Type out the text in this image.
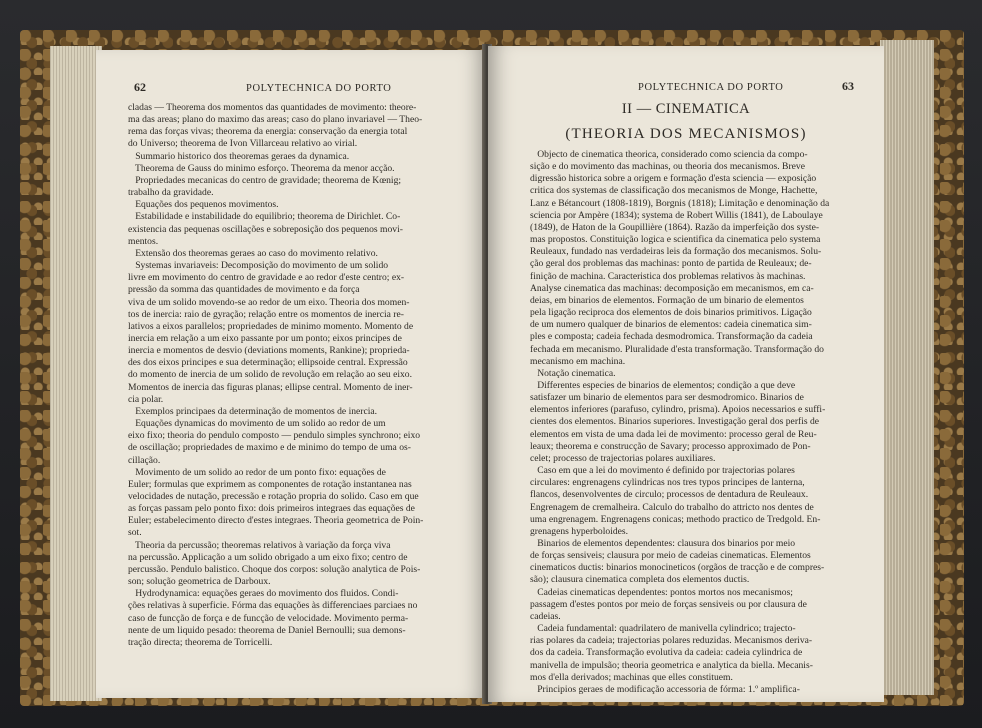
62	POLYTECHNICA DO PORTO

cladas — Theorema dos momentos das quantidades de movimento: theore-

ma das areas; plano do maximo das areas; caso do plano invariavel — Theo-

rema das forças vivas; theorema da energia: conservação da energia total

do Universo; theorema de Ivon Villarceau relativo ao virial.

Summario historico dos theoremas geraes da dynamica.

Theorema de Gauss do minimo esforço. Theorema da menor acção.

Propriedades mecanicas do centro de gravidade; theorema de Kœnig;

trabalho da gravidade.

Equações dos pequenos movimentos.

Estabilidade e instabilidade do equilibrio; theorema de Dirichlet. Co-

existencia das pequenas oscillações e sobreposição dos pequenos movi-

mentos.

Extensão dos theoremas geraes ao caso do movimento relativo.

Systemas invariaveis: Decomposição do movimento de um solido

livre em movimento do centro de gravidade e ao redor d'este centro; ex-

pressão da somma das quantidades de movimento e da força

viva de um solido movendo-se ao redor de um eixo. Theoria dos momen-

tos de inercia: raio de gyração; relação entre os momentos de inercia re-

lativos a eixos parallelos; propriedades de minimo momento. Momento de

inercia em relação a um eixo passante por um ponto; eixos principes de

inercia e momentos de desvio (deviations moments, Rankine); proprieda-

des dos eixos principes e sua determinação; ellipsoide central. Expressão

do momento de inercia de um solido de revolução em relação ao seu eixo.

Momentos de inercia das figuras planas; ellipse central. Momento de iner-

cia polar.

Exemplos principaes da determinação de momentos de inercia.

Equações dynamicas do movimento de um solido ao redor de um

eixo fixo; theoria do pendulo composto — pendulo simples synchrono; eixo

de oscillação; propriedades de maximo e de minimo do tempo de uma os-

cillação.

Movimento de um solido ao redor de um ponto fixo: equações de

Euler; formulas que exprimem as componentes de rotação instantanea nas

velocidades de nutação, precessão e rotação propria do solido. Caso em que

as forças passam pelo ponto fixo: dois primeiros integraes das equações de

Euler; estabelecimento directo d'estes integraes. Theoria geometrica de Poin-

sot.

Theoria da percussão; theoremas relativos à variação da força viva

na percussão. Applicação a um solido obrigado a um eixo fixo; centro de

percussão. Pendulo balistico. Choque dos corpos: solução analytica de Pois-

son; solução geometrica de Darboux.

Hydrodynamica: equações geraes do movimento dos fluidos. Condi-

ções relativas à superficie. Fórma das equações às differenciaes parciaes no

caso de funcção de força e de funcção de velocidade. Movimento perma-

nente de um liquido pesado: theorema de Daniel Bernoulli; sua demons-

tração directa; theorema de Torricelli.

POLYTECHNICA DO PORTO	63
II — CINEMATICA
(THEORIA DOS MECANISMOS)

Objecto de cinematica theorica, considerado como sciencia da compo-

sição e do movimento das machinas, ou theoria dos mecanismos. Breve

digressão historica sobre a origem e formação d'esta sciencia — exposição

critica dos systemas de classificação dos mecanismos de Monge, Hachette,

Lanz e Bétancourt (1808-1819), Borgnis (1818); Limitação e denominação da

sciencia por Ampère (1834); systema de Robert Willis (1841), de Laboulaye

(1849), de Haton de la Goupillière (1864). Razão da imperfeição dos syste-

mas propostos. Constituição logica e scientifica da cinematica pelo systema

Reuleaux, fundado nas verdadeiras leis da formação dos mecanismos. Solu-

ção geral dos problemas das machinas: ponto de partida de Reuleaux; de-

finição de machina. Caracteristica dos problemas relativos às machinas.

Analyse cinematica das machinas: decomposição em mecanismos, em ca-

deias, em binarios de elementos. Formação de um binario de elementos

pela ligação reciproca dos elementos de dois binarios primitivos. Ligação

de um numero qualquer de binarios de elementos: cadeia cinematica sim-

ples e composta; cadeia fechada desmodromica. Transformação da cadeia

fechada em mecanismo. Pluralidade d'esta transformação. Transformação do

mecanismo em machina.

Notação cinematica.

Differentes especies de binarios de elementos; condição a que deve

satisfazer um binario de elementos para ser desmodromico. Binarios de

elementos inferiores (parafuso, cylindro, prisma). Apoios necessarios e suffi-

cientes dos elementos. Binarios superiores. Investigação geral dos perfis de

elementos em vista de uma dada lei de movimento: processo geral de Reu-

leaux; theorema e construcção de Savary; processo approximado de Pon-

celet; processo de trajectorias polares auxiliares.

Caso em que a lei do movimento é definido por trajectorias polares

circulares: engrenagens cylindricas nos tres typos principes de lanterna,

flancos, desenvolventes de circulo; processos de dentadura de Reuleaux.

Engrenagem de cremalheira. Calculo do trabalho do attricto nos dentes de

uma engrenagem. Engrenagens conicas; methodo practico de Tredgold. En-

grenagens hyperboloides.

Binarios de elementos dependentes: clausura dos binarios por meio

de forças sensiveis; clausura por meio de cadeias cinematicas. Elementos

cinematicos ductis: binarios monocineticos (orgãos de tracção e de compres-

são); clausura cinematica completa dos elementos ductis.

Cadeias cinematicas dependentes: pontos mortos nos mecanismos;

passagem d'estes pontos por meio de forças sensiveis ou por clausura de

cadeias.

Cadeia fundamental: quadrilatero de manivella cylindrico; trajecto-

rias polares da cadeia; trajectorias polares reduzidas. Mecanismos deriva-

dos da cadeia. Transformação evolutiva da cadeia: cadeia cylindrica de

manivella de impulsão; theoria geometrica e analytica da biella. Mecanis-

mos d'ella derivados; machinas que elles constituem.

Principios geraes de modificação accessoria de fórma: 1.º amplifica-
